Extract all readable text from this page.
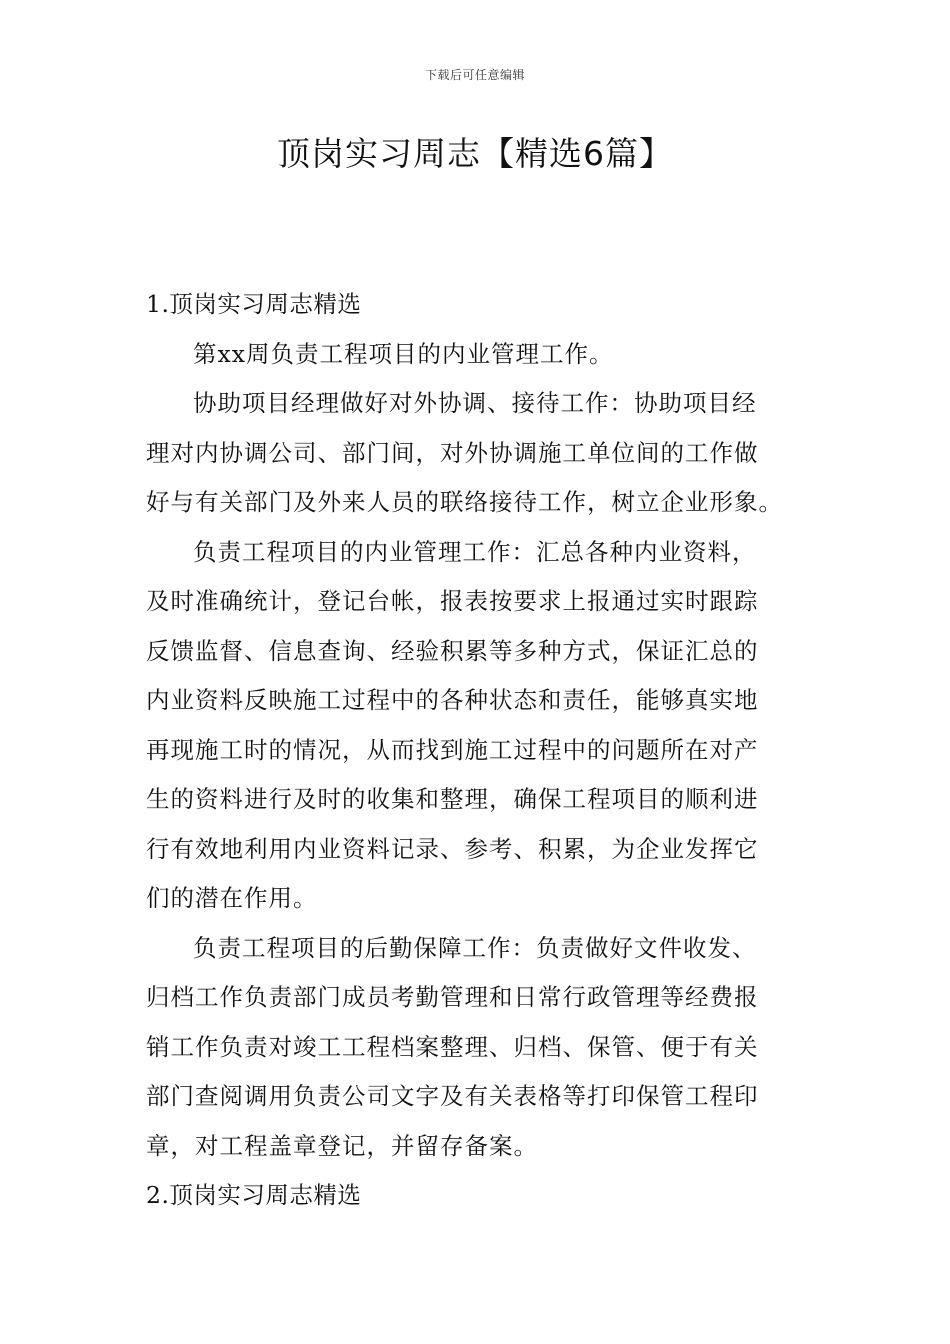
下载后可任意编辑
顶岗实习周志【精选6篇】
1.顶岗实习周志精选
第xx周负责工程项目的内业管理工作。
协助项目经理做好对外协调、接待工作：协助项目经
理对内协调公司、部门间，对外协调施工单位间的工作做
好与有关部门及外来人员的联络接待工作，树立企业形象。
负责工程项目的内业管理工作：汇总各种内业资料，
及时准确统计，登记台帐，报表按要求上报通过实时跟踪
反馈监督、信息查询、经验积累等多种方式，保证汇总的
内业资料反映施工过程中的各种状态和责任，能够真实地
再现施工时的情况，从而找到施工过程中的问题所在对产
生的资料进行及时的收集和整理，确保工程项目的顺利进
行有效地利用内业资料记录、参考、积累，为企业发挥它
们的潜在作用。
负责工程项目的后勤保障工作：负责做好文件收发、
归档工作负责部门成员考勤管理和日常行政管理等经费报
销工作负责对竣工工程档案整理、归档、保管、便于有关
部门查阅调用负责公司文字及有关表格等打印保管工程印
章，对工程盖章登记，并留存备案。
2.顶岗实习周志精选
